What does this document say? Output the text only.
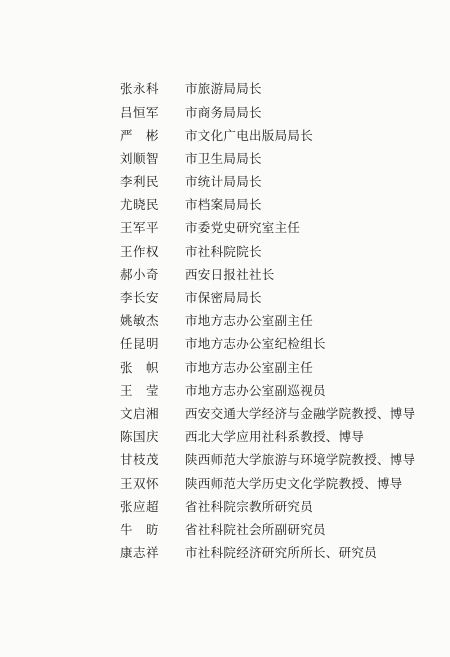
张永科	市旅游局局长
吕恒军	市商务局局长
严　彬	市文化广电出版局局长
刘顺智	市卫生局局长
李利民	市统计局局长
尤晓民	市档案局局长
王军平	市委党史研究室主任
王作权	市社科院院长
郝小奇	西安日报社社长
李长安	市保密局局长
姚敏杰	市地方志办公室副主任
任昆明	市地方志办公室纪检组长
张　帜	市地方志办公室副主任
王　莹	市地方志办公室副巡视员
文启湘	西安交通大学经济与金融学院教授、博导
陈国庆	西北大学应用社科系教授、博导
甘枝茂	陕西师范大学旅游与环境学院教授、博导
王双怀	陕西师范大学历史文化学院教授、博导
张应超	省社科院宗教所研究员
牛　昉	省社科院社会所副研究员
康志祥	市社科院经济研究所所长、研究员
